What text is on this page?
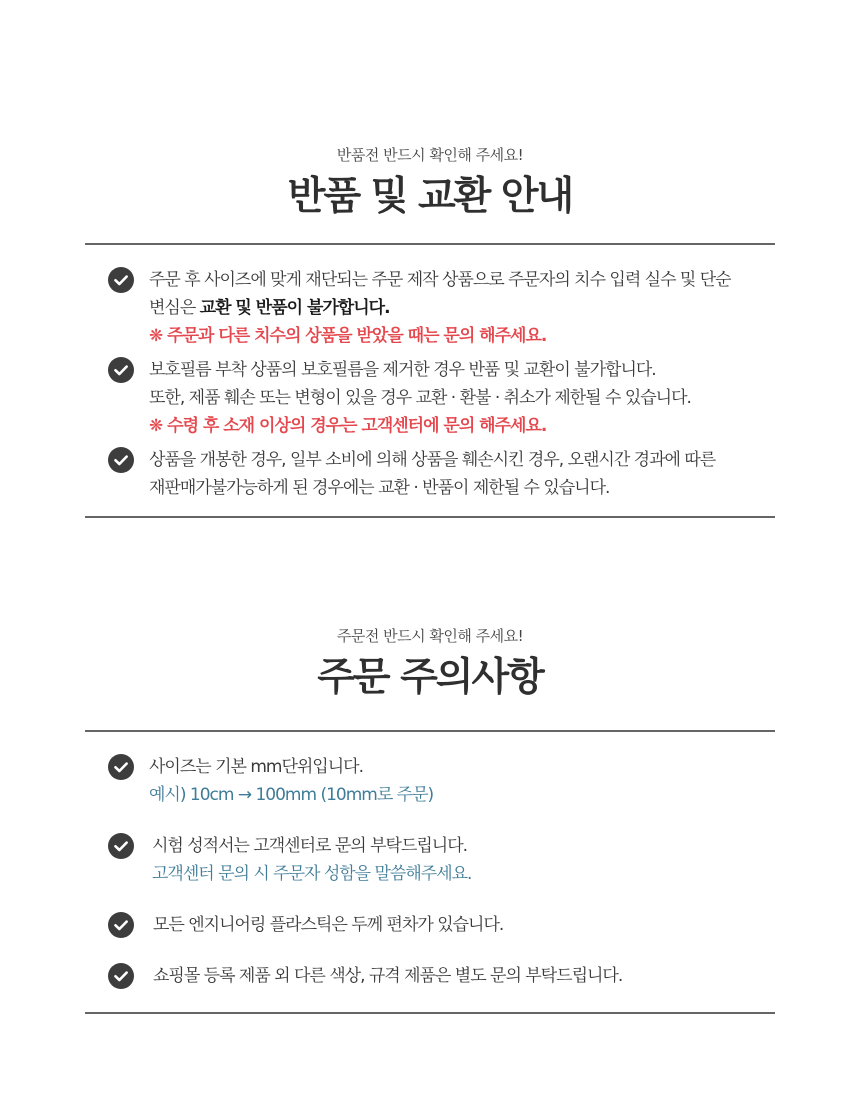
반품전 반드시 확인해 주세요!
반품 및 교환 안내
주문 후 사이즈에 맞게 재단되는 주문 제작 상품으로 주문자의 치수 입력 실수 및 단순
변심은 교환 및 반품이 불가합니다.
❋ 주문과 다른 치수의 상품을 받았을 때는 문의 해주세요.
보호필름 부착 상품의 보호필름을 제거한 경우 반품 및 교환이 불가합니다.
또한, 제품 훼손 또는 변형이 있을 경우 교환 · 환불 · 취소가 제한될 수 있습니다.
❋ 수령 후 소재 이상의 경우는 고객센터에 문의 해주세요.
상품을 개봉한 경우, 일부 소비에 의해 상품을 훼손시킨 경우, 오랜시간 경과에 따른
재판매가불가능하게 된 경우에는 교환 · 반품이 제한될 수 있습니다.
주문전 반드시 확인해 주세요!
주문 주의사항
사이즈는 기본 mm단위입니다.
예시) 10cm → 100mm (10mm로 주문)
시험 성적서는 고객센터로 문의 부탁드립니다.
고객센터 문의 시 주문자 성함을 말씀해주세요.
모든 엔지니어링 플라스틱은 두께 편차가 있습니다.
쇼핑몰 등록 제품 외 다른 색상, 규격 제품은 별도 문의 부탁드립니다.
